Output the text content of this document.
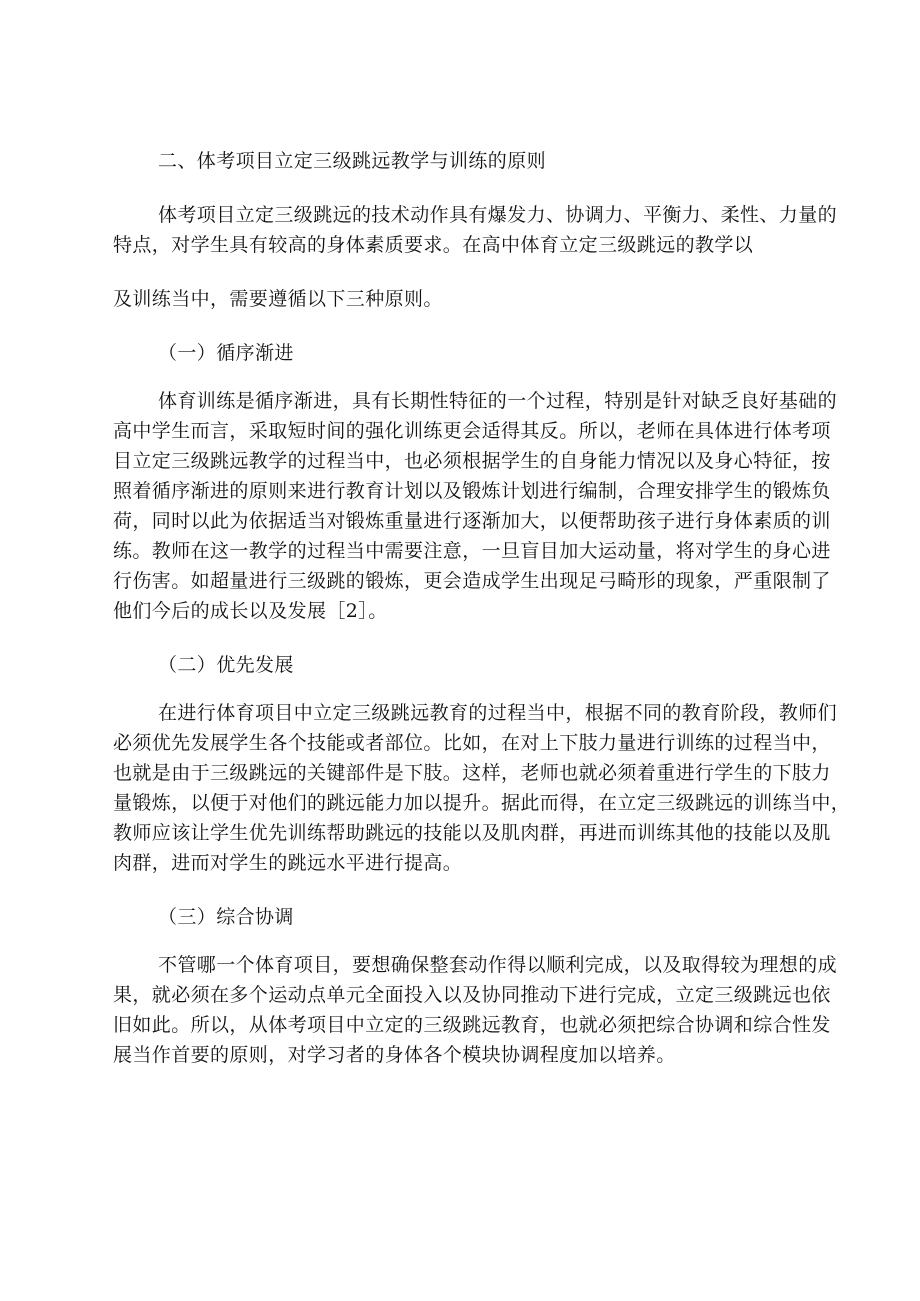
二、体考项目立定三级跳远教学与训练的原则
体考项目立定三级跳远的技术动作具有爆发力、协调力、平衡力、柔性、力量的
特点，对学生具有较高的身体素质要求。在高中体育立定三级跳远的教学以
及训练当中，需要遵循以下三种原则。
（一）循序渐进
体育训练是循序渐进，具有长期性特征的一个过程，特别是针对缺乏良好基础的
高中学生而言，采取短时间的强化训练更会适得其反。所以，老师在具体进行体考项
目立定三级跳远教学的过程当中，也必须根据学生的自身能力情况以及身心特征，按
照着循序渐进的原则来进行教育计划以及锻炼计划进行编制，合理安排学生的锻炼负
荷，同时以此为依据适当对锻炼重量进行逐渐加大，以便帮助孩子进行身体素质的训
练。教师在这一教学的过程当中需要注意，一旦盲目加大运动量，将对学生的身心进
行伤害。如超量进行三级跳的锻炼，更会造成学生出现足弓畸形的现象，严重限制了
他们今后的成长以及发展［2］。
（二）优先发展
在进行体育项目中立定三级跳远教育的过程当中，根据不同的教育阶段，教师们
必须优先发展学生各个技能或者部位。比如，在对上下肢力量进行训练的过程当中，
也就是由于三级跳远的关键部件是下肢。这样，老师也就必须着重进行学生的下肢力
量锻炼，以便于对他们的跳远能力加以提升。据此而得，在立定三级跳远的训练当中，
教师应该让学生优先训练帮助跳远的技能以及肌肉群，再进而训练其他的技能以及肌
肉群，进而对学生的跳远水平进行提高。
（三）综合协调
不管哪一个体育项目，要想确保整套动作得以顺利完成，以及取得较为理想的成
果，就必须在多个运动点单元全面投入以及协同推动下进行完成，立定三级跳远也依
旧如此。所以，从体考项目中立定的三级跳远教育，也就必须把综合协调和综合性发
展当作首要的原则，对学习者的身体各个模块协调程度加以培养。
